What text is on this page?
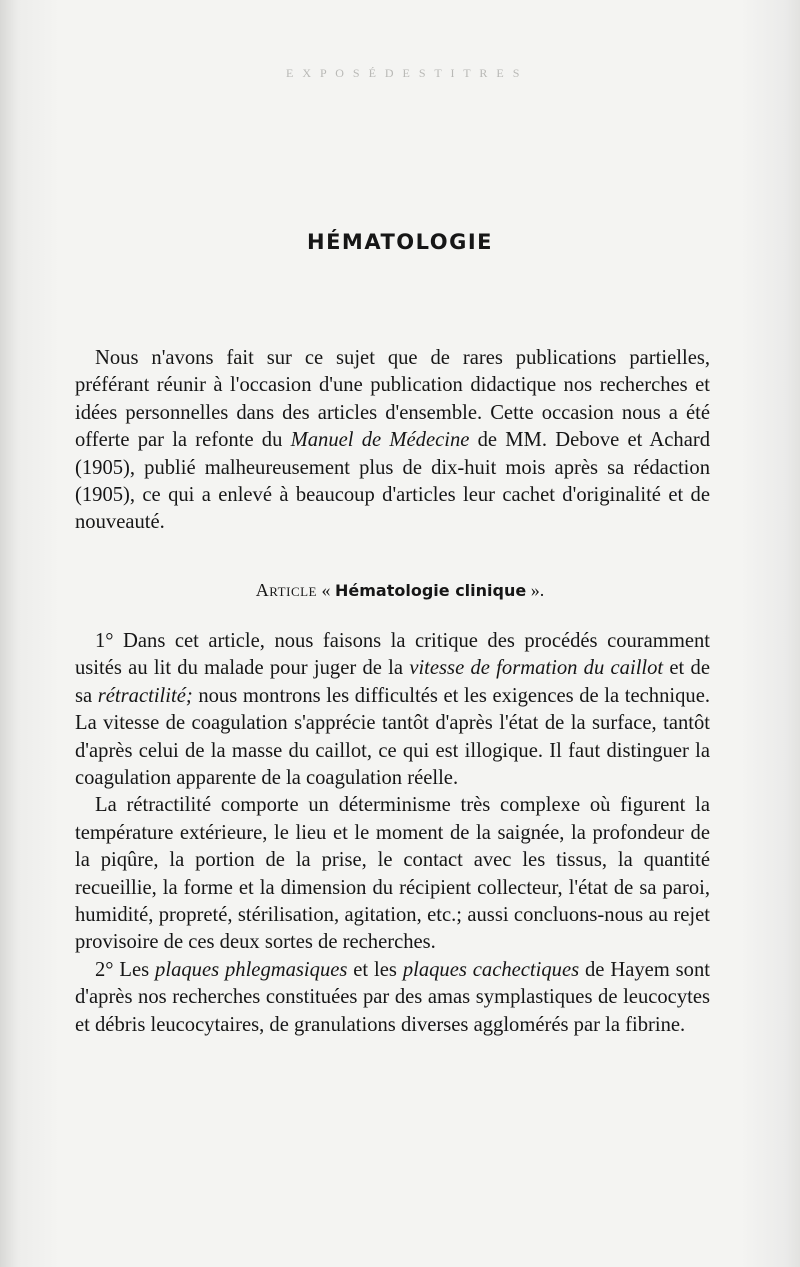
E X P O S É D E S T I T R E S
HÉMATOLOGIE

Nous n'avons fait sur ce sujet que de rares publications partielles, préférant réunir à l'occasion d'une publication didactique nos recherches et idées personnelles dans des articles d'ensemble. Cette occasion nous a été offerte par la refonte du Manuel de Médecine de MM. Debove et Achard (1905), publié malheureusement plus de dix-huit mois après sa rédaction (1905), ce qui a enlevé à beaucoup d'articles leur cachet d'originalité et de nouveauté.

Article « Hématologie clinique ».

1° Dans cet article, nous faisons la critique des procédés couramment usités au lit du malade pour juger de la vitesse de formation du caillot et de sa rétractilité; nous montrons les difficultés et les exigences de la technique. La vitesse de coagulation s'apprécie tantôt d'après l'état de la surface, tantôt d'après celui de la masse du caillot, ce qui est illogique. Il faut distinguer la coagulation apparente de la coagulation réelle.

La rétractilité comporte un déterminisme très complexe où figurent la température extérieure, le lieu et le moment de la saignée, la profondeur de la piqûre, la portion de la prise, le contact avec les tissus, la quantité recueillie, la forme et la dimension du récipient collecteur, l'état de sa paroi, humidité, propreté, stérilisation, agitation, etc.; aussi concluons-nous au rejet provisoire de ces deux sortes de recherches.

2° Les plaques phlegmasiques et les plaques cachectiques de Hayem sont d'après nos recherches constituées par des amas symplastiques de leucocytes et débris leucocytaires, de granulations diverses agglomérés par la fibrine.
